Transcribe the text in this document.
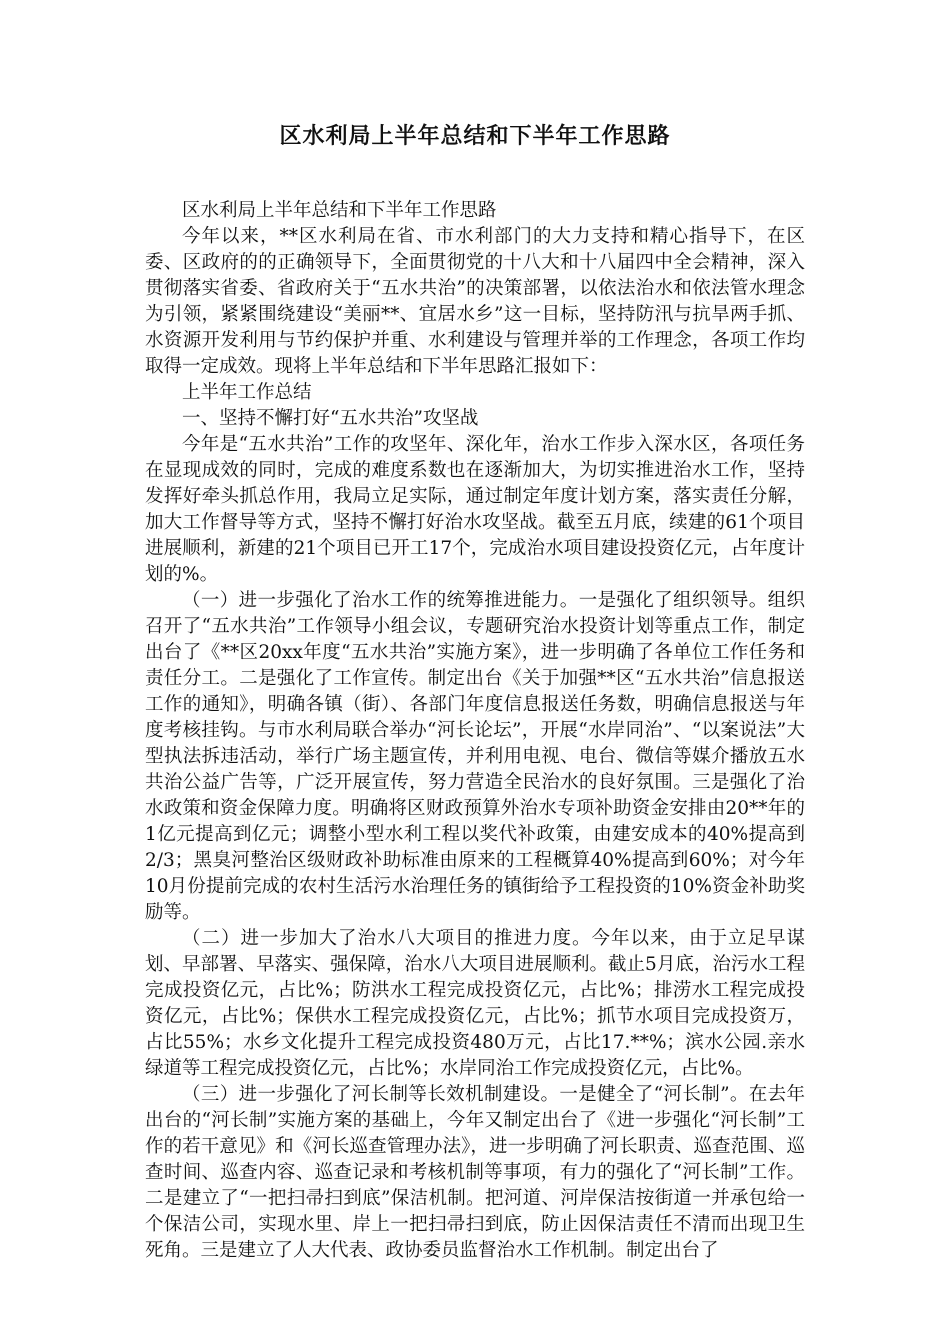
区水利局上半年总结和下半年工作思路

区水利局上半年总结和下半年工作思路

今年以来，**区水利局在省、市水利部门的大力支持和精心指导下，在区委、区政府的的正确领导下，全面贯彻党的十八大和十八届四中全会精神，深入贯彻落实省委、省政府关于“五水共治”的决策部署，以依法治水和依法管水理念为引领，紧紧围绕建设“美丽**、宜居水乡”这一目标，坚持防汛与抗旱两手抓、水资源开发利用与节约保护并重、水利建设与管理并举的工作理念，各项工作均取得一定成效。现将上半年总结和下半年思路汇报如下：

上半年工作总结

一、坚持不懈打好“五水共治”攻坚战

今年是“五水共治”工作的攻坚年、深化年，治水工作步入深水区，各项任务在显现成效的同时，完成的难度系数也在逐渐加大，为切实推进治水工作，坚持发挥好牵头抓总作用，我局立足实际，通过制定年度计划方案，落实责任分解，加大工作督导等方式，坚持不懈打好治水攻坚战。截至五月底，续建的61个项目进展顺利，新建的21个项目已开工17个，完成治水项目建设投资亿元，占年度计划的%。

（一）进一步强化了治水工作的统筹推进能力。一是强化了组织领导。组织召开了“五水共治”工作领导小组会议，专题研究治水投资计划等重点工作，制定出台了《**区20xx年度“五水共治”实施方案》，进一步明确了各单位工作任务和责任分工。二是强化了工作宣传。制定出台《关于加强**区“五水共治”信息报送工作的通知》，明确各镇（街）、各部门年度信息报送任务数，明确信息报送与年度考核挂钩。与市水利局联合举办“河长论坛”，开展“水岸同治”、“以案说法”大型执法拆违活动，举行广场主题宣传，并利用电视、电台、微信等媒介播放五水共治公益广告等，广泛开展宣传，努力营造全民治水的良好氛围。三是强化了治水政策和资金保障力度。明确将区财政预算外治水专项补助资金安排由20**年的1亿元提高到亿元；调整小型水利工程以奖代补政策，由建安成本的40%提高到2/3；黑臭河整治区级财政补助标准由原来的工程概算40%提高到60%；对今年10月份提前完成的农村生活污水治理任务的镇街给予工程投资的10%资金补助奖励等。

（二）进一步加大了治水八大项目的推进力度。今年以来，由于立足早谋划、早部署、早落实、强保障，治水八大项目进展顺利。截止5月底，治污水工程完成投资亿元，占比%；防洪水工程完成投资亿元，占比%；排涝水工程完成投资亿元，占比%；保供水工程完成投资亿元，占比%；抓节水项目完成投资万，占比55%；水乡文化提升工程完成投资480万元，占比17.**%；滨水公园.亲水绿道等工程完成投资亿元，占比%；水岸同治工作完成投资亿元，占比%。

（三）进一步强化了河长制等长效机制建设。一是健全了“河长制”。在去年出台的“河长制”实施方案的基础上，今年又制定出台了《进一步强化“河长制”工作的若干意见》和《河长巡查管理办法》，进一步明确了河长职责、巡查范围、巡查时间、巡查内容、巡查记录和考核机制等事项，有力的强化了“河长制”工作。二是建立了“一把扫帚扫到底”保洁机制。把河道、河岸保洁按街道一并承包给一个保洁公司，实现水里、岸上一把扫帚扫到底，防止因保洁责任不清而出现卫生死角。三是建立了人大代表、政协委员监督治水工作机制。制定出台了
